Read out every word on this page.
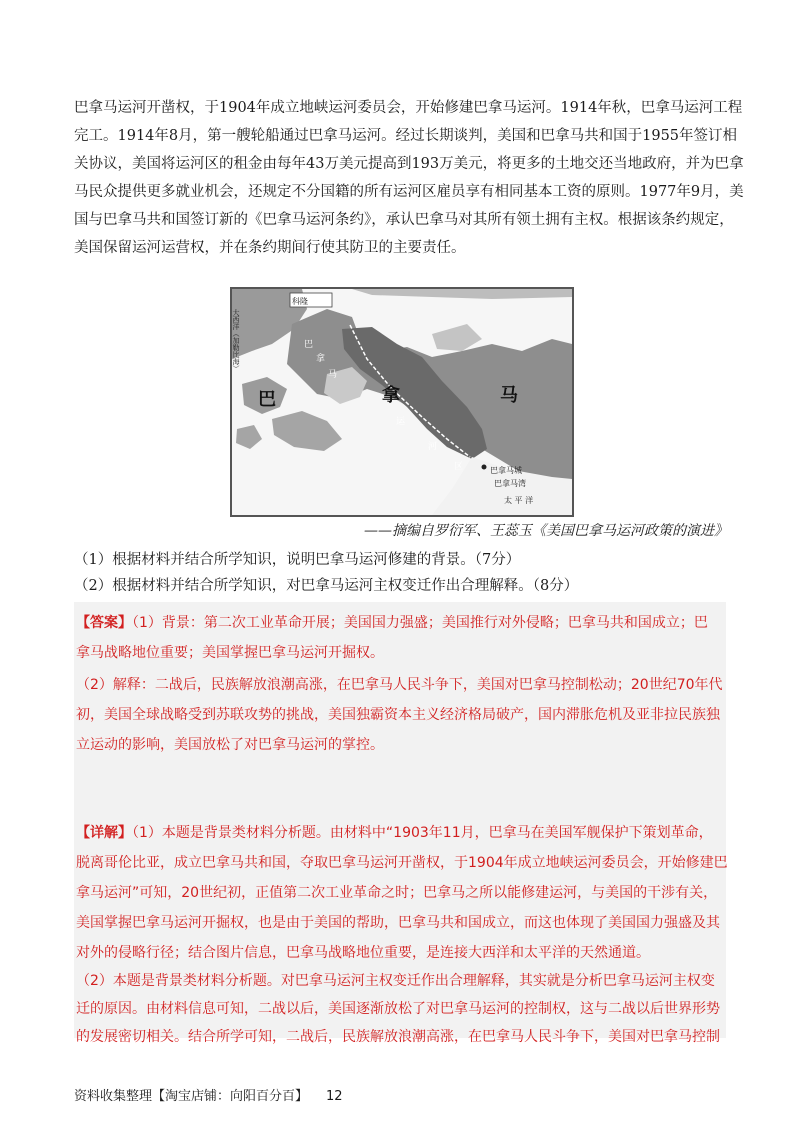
巴拿马运河开凿权，于1904年成立地峡运河委员会，开始修建巴拿马运河。1914年秋，巴拿马运河工程
完工。1914年8月，第一艘轮船通过巴拿马运河。经过长期谈判，美国和巴拿马共和国于1955年签订相
关协议，美国将运河区的租金由每年43万美元提高到193万美元，将更多的土地交还当地政府，并为巴拿
马民众提供更多就业机会，还规定不分国籍的所有运河区雇员享有相同基本工资的原则。1977年9月，美
国与巴拿马共和国签订新的《巴拿马运河条约》，承认巴拿马对其所有领土拥有主权。根据该条约规定，
美国保留运河运营权，并在条约期间行使其防卫的主要责任。
科隆
大西洋（加勒比海）
巴	拿	马
巴
拿
马
运
河
区	巴拿马城
巴拿马湾
太 平 洋
——摘编自罗衍军、王蕊玉《美国巴拿马运河政策的演进》
（1）根据材料并结合所学知识，说明巴拿马运河修建的背景。（7分）
（2）根据材料并结合所学知识，对巴拿马运河主权变迁作出合理解释。（8分）
【答案】（1）背景：第二次工业革命开展；美国国力强盛；美国推行对外侵略；巴拿马共和国成立；巴
拿马战略地位重要；美国掌握巴拿马运河开掘权。
（2）解释：二战后，民族解放浪潮高涨，在巴拿马人民斗争下，美国对巴拿马控制松动；20世纪70年代
初，美国全球战略受到苏联攻势的挑战，美国独霸资本主义经济格局破产，国内滞胀危机及亚非拉民族独
立运动的影响，美国放松了对巴拿马运河的掌控。
【详解】（1）本题是背景类材料分析题。由材料中“1903年11月，巴拿马在美国军舰保护下策划革命，
脱离哥伦比亚，成立巴拿马共和国，夺取巴拿马运河开凿权，于1904年成立地峡运河委员会，开始修建巴
拿马运河”可知，20世纪初，正值第二次工业革命之时；巴拿马之所以能修建运河，与美国的干涉有关，
美国掌握巴拿马运河开掘权，也是由于美国的帮助，巴拿马共和国成立，而这也体现了美国国力强盛及其
对外的侵略行径；结合图片信息，巴拿马战略地位重要，是连接大西洋和太平洋的天然通道。
（2）本题是背景类材料分析题。对巴拿马运河主权变迁作出合理解释，其实就是分析巴拿马运河主权变
迁的原因。由材料信息可知，二战以后，美国逐渐放松了对巴拿马运河的控制权，这与二战以后世界形势
的发展密切相关。结合所学可知，二战后，民族解放浪潮高涨，在巴拿马人民斗争下，美国对巴拿马控制
资料收集整理【淘宝店铺：向阳百分百】 12
